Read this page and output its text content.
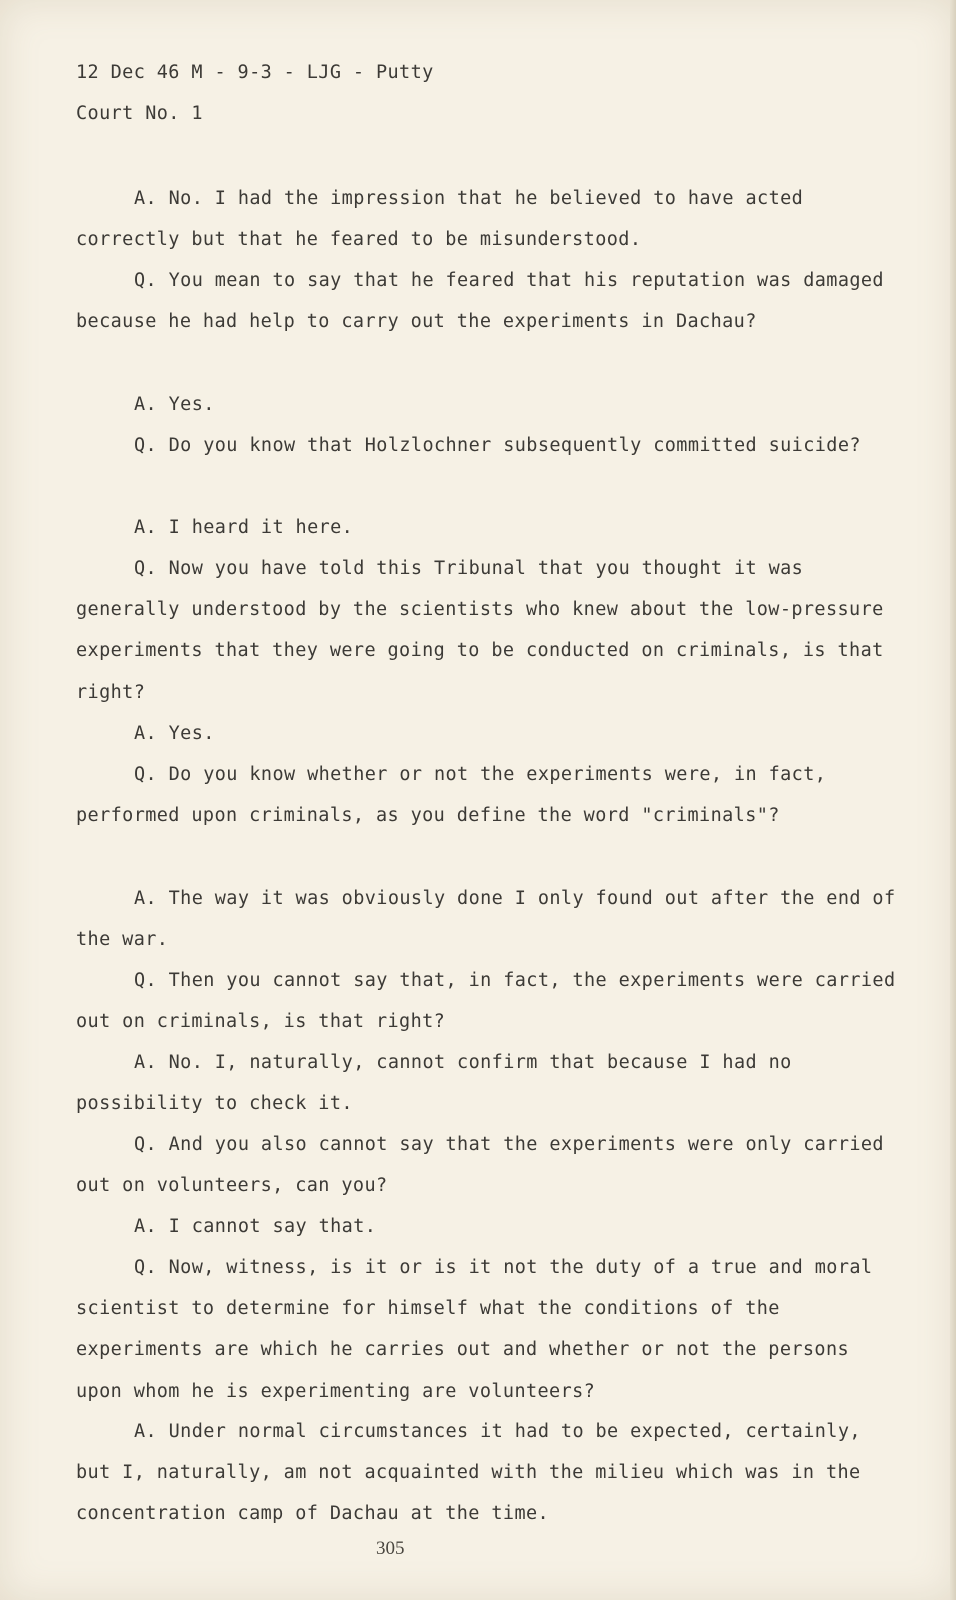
12 Dec 46 M - 9-3 - LJG - Putty
Court No. 1
A. No. I had the impression that he believed to have acted correctly but that he feared to be misunderstood.
Q. You mean to say that he feared that his reputation was damaged because he had help to carry out the experiments in Dachau?
A. Yes.
Q. Do you know that Holzlochner subsequently committed suicide?
A. I heard it here.
Q. Now you have told this Tribunal that you thought it was generally understood by the scientists who knew about the low-pressure experiments that they were going to be conducted on criminals, is that right?
A. Yes.
Q. Do you know whether or not the experiments were, in fact, performed upon criminals, as you define the word "criminals"?
A. The way it was obviously done I only found out after the end of the war.
Q. Then you cannot say that, in fact, the experiments were carried out on criminals, is that right?
A. No. I, naturally, cannot confirm that because I had no possibility to check it.
Q. And you also cannot say that the experiments were only carried out on volunteers, can you?
A. I cannot say that.
Q. Now, witness, is it or is it not the duty of a true and moral scientist to determine for himself what the conditions of the experiments are which he carries out and whether or not the persons upon whom he is experimenting are volunteers?
A. Under normal circumstances it had to be expected, certainly, but I, naturally, am not acquainted with the milieu which was in the concentration camp of Dachau at the time.
305
